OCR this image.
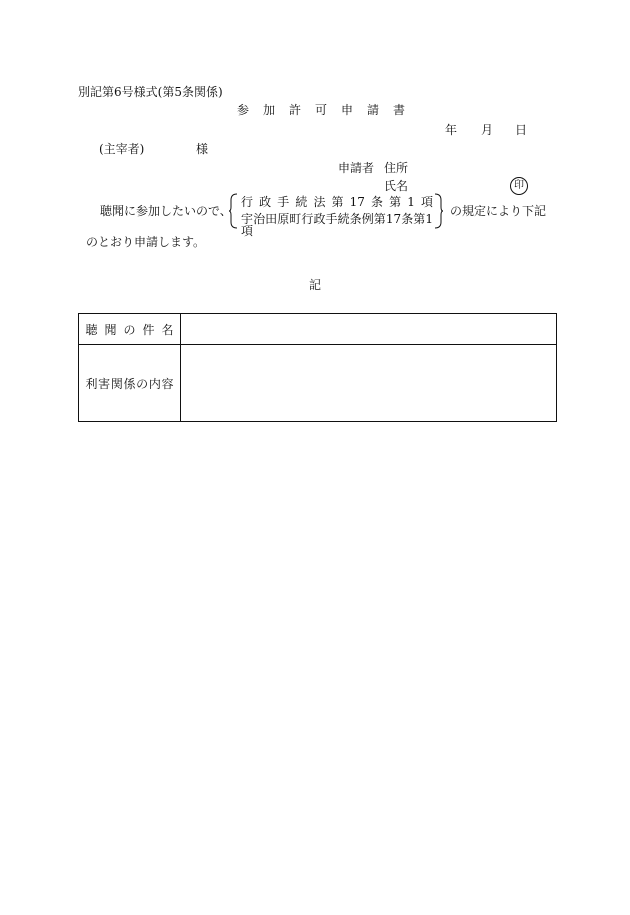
別記第6号様式(第5条関係)
参　加　許　可　申　請　書
年 月 日
(主宰者)	様
申請者 住所
氏名	印
聴聞に参加したいので、
行政手続法第17条第1項
宇治田原町行政手続条例第17条第1項
の規定により下記
のとおり申請します。
記
聴聞の件名	
利害関係の内容	
